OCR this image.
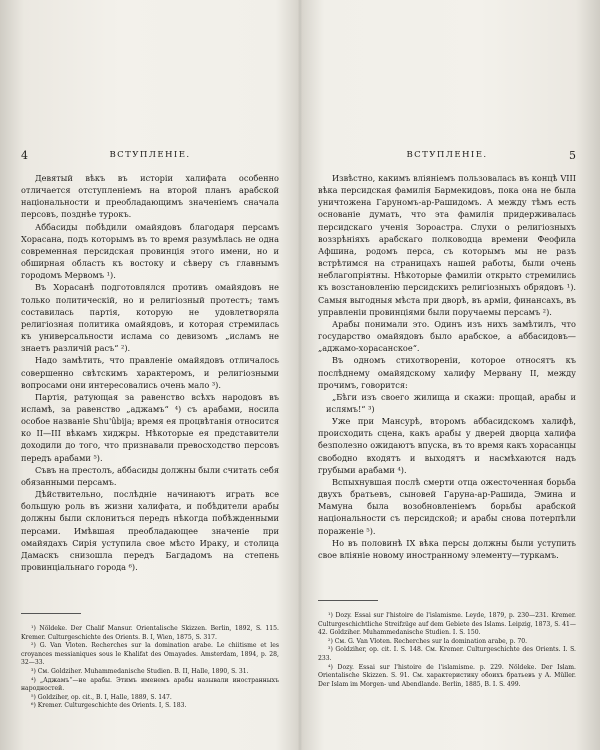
4	ВСТУПЛЕНIЕ.

Девятый вѣкъ въ исторiи халифата особенно отличается отступленiемъ на второй планъ арабской нацiональности и преобладающимъ значенiемъ сначала персовъ, позднѣе турокъ.

Аббасиды побѣдили омайядовъ благодаря персамъ Хорасана, подъ которымъ въ то время разумѣлась не одна современная персидская провинцiя этого имени, но и обширная область къ востоку и сѣверу съ главнымъ городомъ Мервомъ ¹).

Въ Хорасанѣ подготовлялся противъ омайядовъ не только политическiй, но и религiозный протестъ; тамъ составилась партiя, которую не удовлетворяла религiозная политика омайядовъ, и которая стремилась къ универсальности ислама со девизомъ „исламъ не знаетъ различiй расъ“ ²).

Надо замѣтить, что правленiе омайядовъ отличалось совершенно свѣтскимъ характеромъ, и религiозными вопросами они интересовались очень мало ³).

Партiя, ратующая за равенство всѣхъ народовъ въ исламѣ, за равенство „аджамъ“ ⁴) съ арабами, носила особое названiе Shu'ûbija; время ея процвѣтанiя относится ко II—III вѣкамъ хиджры. Нѣкоторые ея представители доходили до того, что признавали превосходство персовъ передъ арабами ⁵).

Съвъ на престолъ, аббасиды должны были считать себя обязанными персамъ.

Дѣйствительно, послѣднiе начинаютъ играть все большую роль въ жизни халифата, и побѣдители арабы должны были склониться передъ нѣкогда побѣжденными персами. Имѣвшая преобладающее значенiе при омайядахъ Сирiя уступила свое мѣсто Ираку, и столица Дамаскъ снизошла передъ Багдадомъ на степень провинцiальнаго города ⁶).

¹) Nöldeke. Der Chalif Mansur. Orientalische Skizzen. Berlin, 1892, S. 115. Kremer. Culturgeschichte des Orients. B. I, Wien, 1875, S. 317.

²) G. Van Vloten. Recherches sur la domination arabe. Le chiitisme et les croyances messianiques sous le Khalifat des Omayades. Amsterdam, 1894, p. 28, 32—33.

³) Cм. Goldziher. Muhammedanische Studien. B. II, Halle, 1890, S. 31.

⁴) „Аджамъ“—не арабы. Этимъ именемъ арабы называли иностранныхъ народностей.

⁵) Goldziher, op. cit., B. I, Halle, 1889, S. 147.

⁶) Kremer. Culturgeschichte des Orients. I, S. 183.

ВСТУПЛЕНIЕ.	5

Извѣстно, какимъ влiянiемъ пользовалась въ концѣ VIII вѣка персидская фамилiя Бармекидовъ, пока она не была уничтожена Гаруномъ-ар-Рашидомъ. А между тѣмъ есть основанiе думать, что эта фамилiя придерживалась персидскаго ученiя Зороастра. Слухи о религiозныхъ воззрѣнiяхъ арабскаго полководца времени Феофила Афшина, родомъ перса, съ которымъ мы не разъ встрѣтимся на страницахъ нашей работы, были очень неблагопрiятны. Нѣкоторые фамилiи открыто стремились къ возстановленiю персидскихъ религiозныхъ обрядовъ ¹). Самыя выгодныя мѣста при дворѣ, въ армiи, финансахъ, въ управленiи провинцiями были поручаемы персамъ ²).

Арабы понимали это. Одинъ изъ нихъ замѣтилъ, что государство омайядовъ было арабское, а аббасидовъ—„аджамо-хорасанское“.

Въ одномъ стихотворенiи, которое относятъ къ послѣднему омайядскому халифу Мервану II, между прочимъ, говорится:

„Бѣги изъ своего жилища и скажи: прощай, арабы и ислямъ!“ ³)

Уже при Мансурѣ, второмъ аббасидскомъ халифѣ, происходить сцена, какъ арабы у дверей дворца халифа безполезно ожидаютъ впуска, въ то время какъ хорасанцы свободно входятъ и выходятъ и насмѣхаются надъ грубыми арабами ⁴).

Вспыхнувшая послѣ смерти отца ожесточенная борьба двухъ братьевъ, сыновей Гаруна-ар-Рашида, Эмина и Мамуна была возобновленiемъ борьбы арабской нацiональности съ персидской; и арабы снова потерпѣли пораженiе ⁵).

Но въ половинѣ IX вѣка персы должны были уступить свое влiянiе новому иностранному элементу—туркамъ.

¹) Dozy. Essai sur l'histoire de l'islamisme. Leyde, 1879, p. 230—231. Kremer. Culturgeschichtliche Streifzüge auf dem Gebiete des Islams. Leipzig, 1873, S. 41—42. Goldziher. Muhammedanische Studien. I. S. 150.

²) Cм. G. Van Vloten. Recherches sur la domination arabe, p. 70.

³) Goldziher, op. cit. I. S. 148. Cм. Kremer. Culturgeschichte des Orients. I. S. 233.

⁴) Dozy. Essai sur l'histoire de l'islamisme. p. 229. Nöldeke. Der Islam. Orientalische Skizzen. S. 91. См. характеристику обоихъ братьевъ у A. Müller. Der Islam im Morgen- und Abendlande. Berlin, 1885, B. I. S. 499.
